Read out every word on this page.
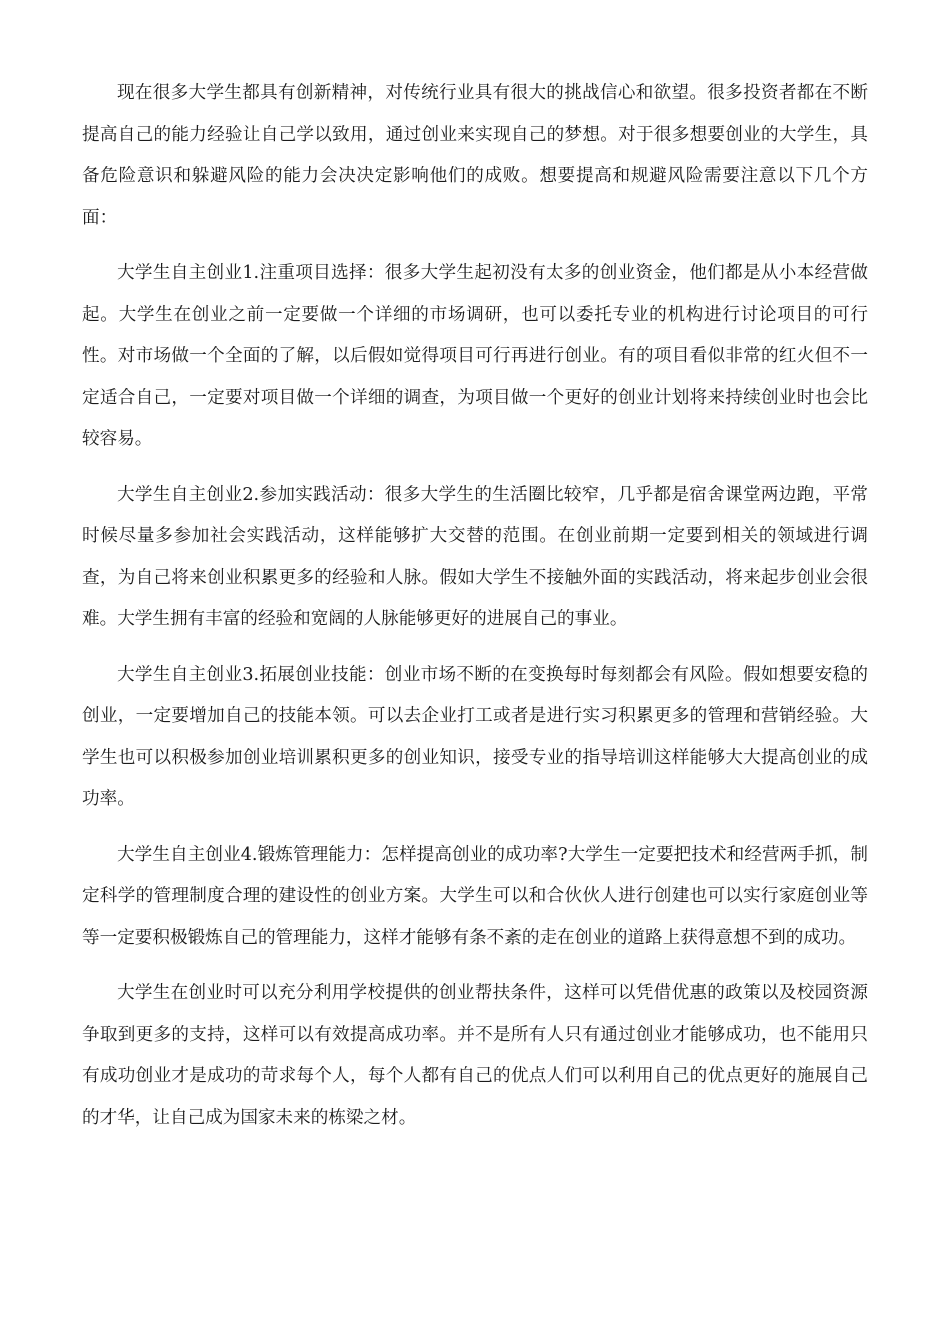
现在很多大学生都具有创新精神，对传统行业具有很大的挑战信心和欲望。很多投资者都在不断提高自己的能力经验让自己学以致用，通过创业来实现自己的梦想。对于很多想要创业的大学生，具备危险意识和躲避风险的能力会决决定影响他们的成败。想要提高和规避风险需要注意以下几个方面：

大学生自主创业1.注重项目选择：很多大学生起初没有太多的创业资金，他们都是从小本经营做起。大学生在创业之前一定要做一个详细的市场调研，也可以委托专业的机构进行讨论项目的可行性。对市场做一个全面的了解，以后假如觉得项目可行再进行创业。有的项目看似非常的红火但不一定适合自己，一定要对项目做一个详细的调查，为项目做一个更好的创业计划将来持续创业时也会比较容易。

大学生自主创业2.参加实践活动：很多大学生的生活圈比较窄，几乎都是宿舍课堂两边跑，平常时候尽量多参加社会实践活动，这样能够扩大交替的范围。在创业前期一定要到相关的领域进行调查，为自己将来创业积累更多的经验和人脉。假如大学生不接触外面的实践活动，将来起步创业会很难。大学生拥有丰富的经验和宽阔的人脉能够更好的进展自己的事业。

大学生自主创业3.拓展创业技能：创业市场不断的在变换每时每刻都会有风险。假如想要安稳的创业，一定要增加自己的技能本领。可以去企业打工或者是进行实习积累更多的管理和营销经验。大学生也可以积极参加创业培训累积更多的创业知识，接受专业的指导培训这样能够大大提高创业的成功率。

大学生自主创业4.锻炼管理能力：怎样提高创业的成功率?大学生一定要把技术和经营两手抓，制定科学的管理制度合理的建设性的创业方案。大学生可以和合伙伙人进行创建也可以实行家庭创业等等一定要积极锻炼自己的管理能力，这样才能够有条不紊的走在创业的道路上获得意想不到的成功。

大学生在创业时可以充分利用学校提供的创业帮扶条件，这样可以凭借优惠的政策以及校园资源争取到更多的支持，这样可以有效提高成功率。并不是所有人只有通过创业才能够成功，也不能用只有成功创业才是成功的苛求每个人，每个人都有自己的优点人们可以利用自己的优点更好的施展自己的才华，让自己成为国家未来的栋梁之材。
